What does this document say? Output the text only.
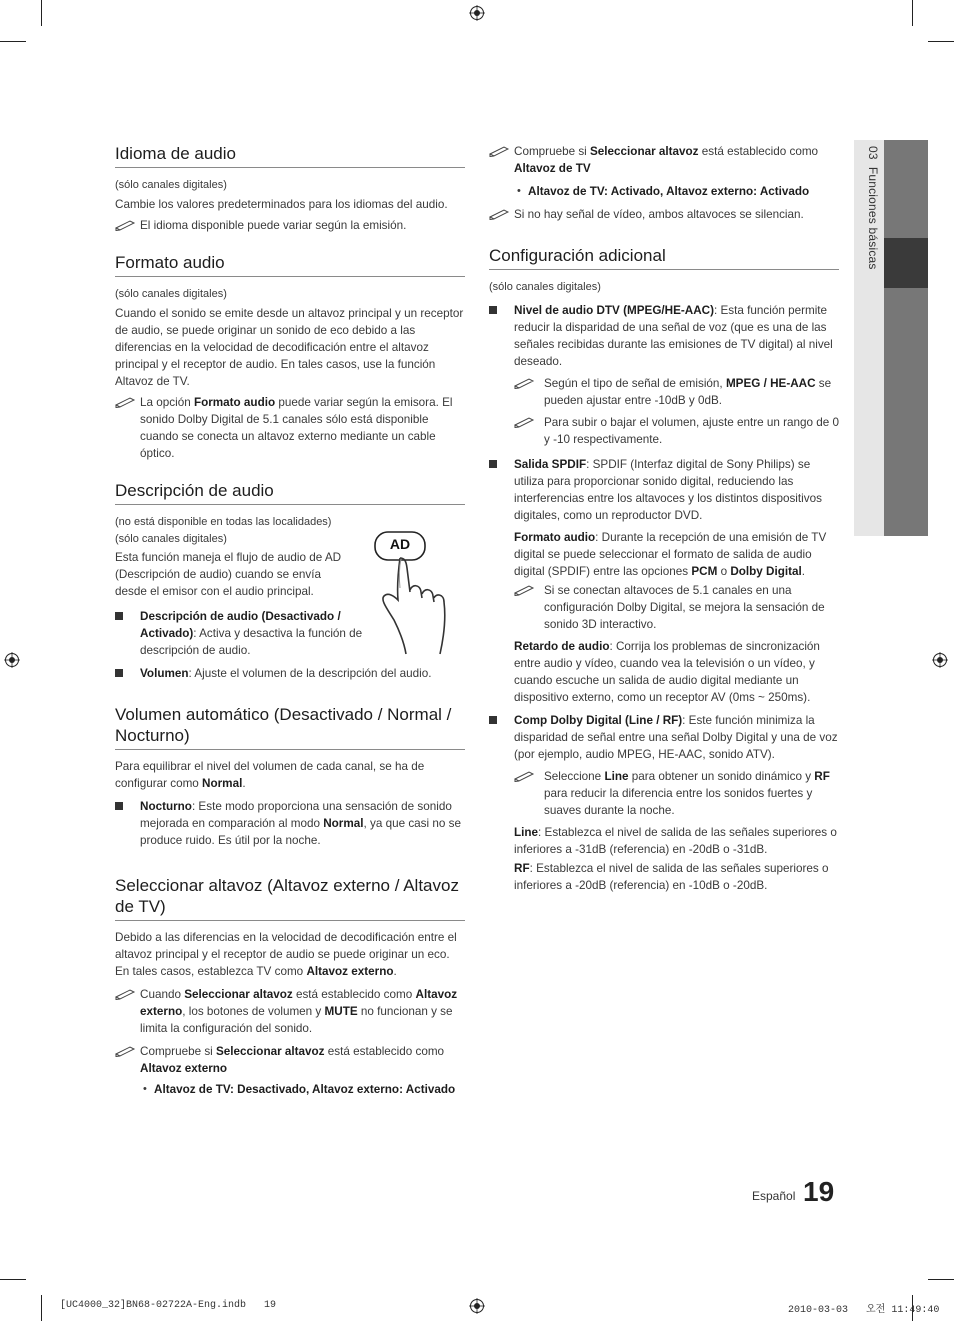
03  Funciones básicas
Idioma de audio

(sólo canales digitales)

Cambie los valores predeterminados para los idiomas del audio.

El idioma disponible puede variar según la emisión.

Formato audio

(sólo canales digitales)

Cuando el sonido se emite desde un altavoz principal y un receptor de audio, se puede originar un sonido de eco debido a las diferencias en la velocidad de decodificación entre el altavoz principal y el receptor de audio. En tales casos, use la función Altavoz de TV.

La opción Formato audio puede variar según la emisora. El sonido Dolby Digital de 5.1 canales sólo está disponible cuando se conecta un altavoz externo mediante un cable óptico.

Descripción de audio

(no está disponible en todas las localidades)

(sólo canales digitales)

Esta función maneja el flujo de audio de AD (Descripción de audio) cuando se envía desde el emisor con el audio principal.

AD

Descripción de audio (Desactivado / Activado): Activa y desactiva la función de descripción de audio.

Volumen: Ajuste el volumen de la descripción del audio.

Volumen automático (Desactivado / Normal / Nocturno)

Para equilibrar el nivel del volumen de cada canal, se ha de configurar como Normal.

Nocturno: Este modo proporciona una sensación de sonido mejorada en comparación al modo Normal, ya que casi no se produce ruido. Es útil por la noche.

Seleccionar altavoz (Altavoz externo / Altavoz de TV)

Debido a las diferencias en la velocidad de decodificación entre el altavoz principal y el receptor de audio se puede originar un eco. En tales casos, establezca TV como Altavoz externo.

Cuando Seleccionar altavoz está establecido como Altavoz externo, los botones de volumen y MUTE no funcionan y se limita la configuración del sonido.

Compruebe si Seleccionar altavoz está establecido como Altavoz externo

• Altavoz de TV: Desactivado, Altavoz externo: Activado

Compruebe si Seleccionar altavoz está establecido como Altavoz de TV

• Altavoz de TV: Activado, Altavoz externo: Activado

Si no hay señal de vídeo, ambos altavoces se silencian.

Configuración adicional

(sólo canales digitales)

Nivel de audio DTV (MPEG/HE-AAC): Esta función permite reducir la disparidad de una señal de voz (que es una de las señales recibidas durante las emisiones de TV digital) al nivel deseado.

Según el tipo de señal de emisión, MPEG / HE-AAC se pueden ajustar entre -10dB y 0dB.

Para subir o bajar el volumen, ajuste entre un rango de 0 y -10 respectivamente.

Salida SPDIF: SPDIF (Interfaz digital de Sony Philips) se utiliza para proporcionar sonido digital, reduciendo las interferencias entre los altavoces y los distintos dispositivos digitales, como un reproductor DVD.

Formato audio: Durante la recepción de una emisión de TV digital se puede seleccionar el formato de salida de audio digital (SPDIF) entre las opciones PCM o Dolby Digital.

Si se conectan altavoces de 5.1 canales en una configuración Dolby Digital, se mejora la sensación de sonido 3D interactivo.

Retardo de audio: Corrija los problemas de sincronización entre audio y vídeo, cuando vea la televisión o un vídeo, y cuando escuche un salida de audio digital mediante un dispositivo externo, como un receptor AV (0ms ~ 250ms).

Comp Dolby Digital (Line / RF): Este función minimiza la disparidad de señal entre una señal Dolby Digital y una de voz (por ejemplo, audio MPEG, HE-AAC, sonido ATV).

Seleccione Line para obtener un sonido dinámico y RF para reducir la diferencia entre los sonidos fuertes y suaves durante la noche.

Line: Establezca el nivel de salida de las señales superiores o inferiores a -31dB (referencia) en -20dB o -31dB.

RF: Establezca el nivel de salida de las señales superiores o inferiores a -20dB (referencia) en -10dB o -20dB.

Español 19
[UC4000_32]BN68-02722A-Eng.indb   19	2010-03-03   오전 11:49:40
